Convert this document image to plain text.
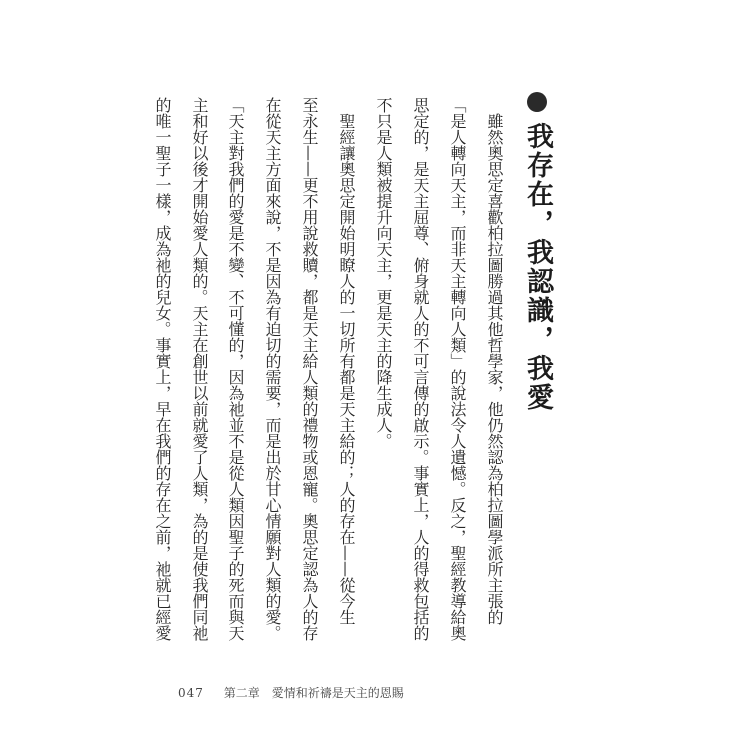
我存在，我認識，我愛
　雖然奧思定喜歡柏拉圖勝過其他哲學家，他仍然認為柏拉圖學派所主張的
「是人轉向天主，而非天主轉向人類」的說法令人遺憾。反之，聖經教導給奧
思定的，是天主屈尊、俯身就人的不可言傳的啟示。事實上，人的得救包括的
不只是人類被提升向天主，更是天主的降生成人。
　聖經讓奧思定開始明瞭人的一切所有都是天主給的；人的存在——從今生
至永生——更不用說救贖，都是天主給人類的禮物或恩寵。奧思定認為人的存
在從天主方面來說，不是因為有迫切的需要，而是出於甘心情願對人類的愛。
「天主對我們的愛是不變、不可懂的，因為祂並不是從人類因聖子的死而與天
主和好以後才開始愛人類的。天主在創世以前就愛了人類，為的是使我們同祂
的唯一聖子一樣，成為祂的兒女。事實上，早在我們的存在之前，祂就已經愛
047 第二章　愛情和祈禱是天主的恩賜
